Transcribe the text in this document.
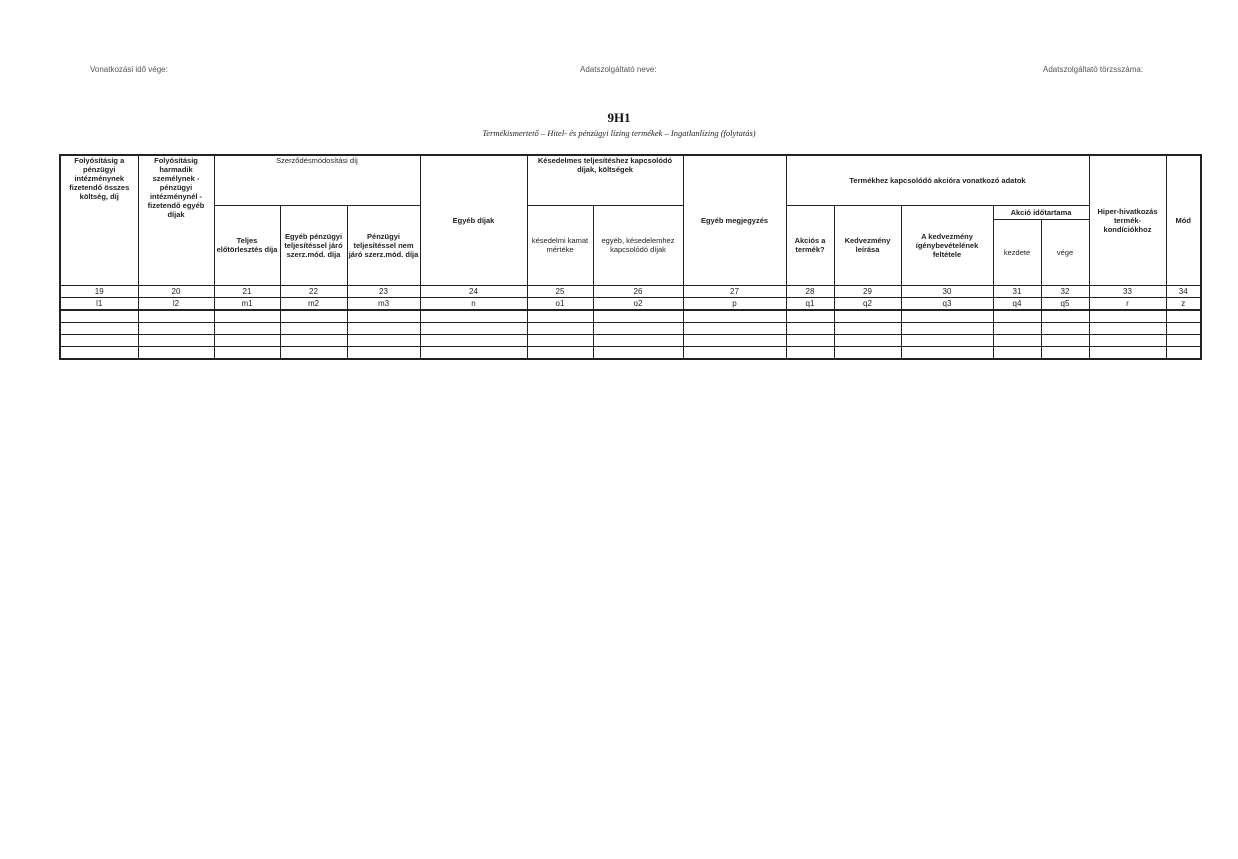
Vonatkozási idő vége:	Adatszolgáltató neve:	Adatszolgáltató törzsszáma:
9H1
Termékismertető – Hitel- és pénzügyi lízing termékek – Ingatlanlízing (folytatás)
Folyósításig a pénzügyi intézménynek fizetendő összes költség, díj	Folyósításig harmadik személynek - pénzügyi intézménynél - fizetendő egyéb díjak	Szerződésmódosítási díj			Egyéb díjak	Késedelmes teljesítéshez kapcsolódó díjak, költségek		Egyéb megjegyzés	Termékhez kapcsolódó akcióra vonatkozó adatok					Hiper-hivatkozás termék-kondíciókhoz	Mód
		Teljes előtörlesztés díja	Egyéb pénzügyi teljesítéssel járó szerz.mód. díja	Pénzügyi teljesítéssel nem járó szerz.mód. díja		késedelmi kamat mértéke	egyéb, késedelemhez kapcsolódó díjak		Akciós a termék?	Kedvezmény leírása	A kedvezmény igénybevételének feltétele	Akció időtartama			
												kezdete	vége		
19	20	21	22	23	24	25	26	27	28	29	30	31	32	33	34
l1	l2	m1	m2	m3	n	o1	o2	p	q1	q2	q3	q4	q5	r	z
